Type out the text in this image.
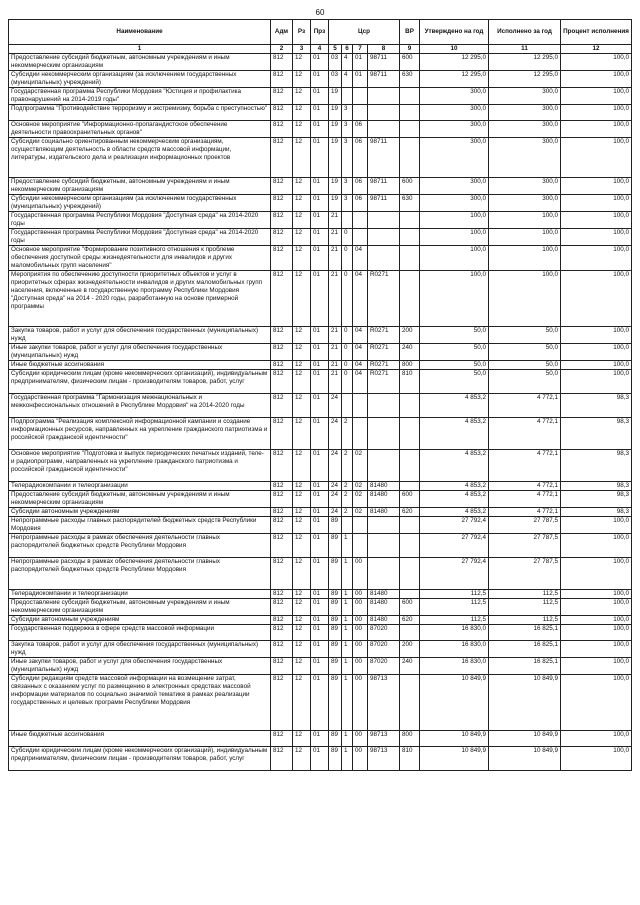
60
Наименование	Адм	Рз	Прз	Цср				ВР	Утверждено на год	Исполнено за год	Процент исполнения
1	2	3	4	5	6	7	8	9	10	11	12
Предоставление субсидий бюджетным, автономным учреждениям и иным некоммерческим организациям	812	12	01	03	4	01	98711	600	12 295,0	12 295,0	100,0
Субсидии некоммерческим организациям (за исключением государственных (муниципальных) учреждений)	812	12	01	03	4	01	98711	630	12 295,0	12 295,0	100,0
Государственная программа Республики Мордовия "Юстиция и профилактика правонарушений на 2014-2019 годы"	812	12	01	19					300,0	300,0	100,0
Подпрограмма "Противодействие терроризму и экстремизму, борьба с преступностью"	812	12	01	19	3				300,0	300,0	100,0
Основное мероприятие "Информационно-пропагандистское обеспечение деятельности правоохранительных органов"	812	12	01	19	3	06			300,0	300,0	100,0
Субсидии социально ориентированным некоммерческим организациям, осуществляющим деятельность в области средств массовой информации, литературы, издательского дела и реализации информационных проектов	812	12	01	19	3	06	98711		300,0	300,0	100,0
Предоставление субсидий бюджетным, автономным учреждениям и иным некоммерческим организациям	812	12	01	19	3	06	98711	600	300,0	300,0	100,0
Субсидии некоммерческим организациям (за исключением государственных (муниципальных) учреждений)	812	12	01	19	3	06	98711	630	300,0	300,0	100,0
Государственная программа Республики Мордовия "Доступная среда" на 2014-2020 годы	812	12	01	21					100,0	100,0	100,0
Государственная программа Республики Мордовия "Доступная среда" на 2014-2020 годы	812	12	01	21	0				100,0	100,0	100,0
Основное мероприятие "Формирование позитивного отношения к проблеме обеспечения доступной среды жизнедеятельности для инвалидов и других маломобильных групп населения"	812	12	01	21	0	04			100,0	100,0	100,0
Мероприятия по обеспечению доступности приоритетных объектов и услуг в приоритетных сферах жизнедеятельности инвалидов и других маломобильных групп населения, включенные в государственную программу Республики Мордовия "Доступная среда" на 2014 - 2020 годы, разработанную на основе примерной программы	812	12	01	21	0	04	R0271		100,0	100,0	100,0
Закупка товаров, работ и услуг для обеспечения государственных (муниципальных) нужд	812	12	01	21	0	04	R0271	200	50,0	50,0	100,0
Иные закупки товаров, работ и услуг для обеспечения государственных (муниципальных) нужд	812	12	01	21	0	04	R0271	240	50,0	50,0	100,0
Иные бюджетные ассигнования	812	12	01	21	0	04	R0271	800	50,0	50,0	100,0
Субсидии юридическим лицам (кроме некоммерческих организаций), индивидуальным предпринимателям, физическим лицам - производителям товаров, работ, услуг	812	12	01	21	0	04	R0271	810	50,0	50,0	100,0
Государственная программа "Гармонизация межнациональных и межконфессиональных отношений в Республике Мордовия" на 2014-2020 годы	812	12	01	24					4 853,2	4 772,1	98,3
Подпрограмма "Реализация комплексной информационной кампании и создание информационных ресурсов, направленных на укрепление гражданского патриотизма и российской гражданской идентичности"	812	12	01	24	2				4 853,2	4 772,1	98,3
Основное мероприятие "Подготовка и выпуск периодических печатных изданий, теле- и радиопрограмм, направленных на укрепление гражданского патриотизма и российской гражданской идентичности"	812	12	01	24	2	02			4 853,2	4 772,1	98,3
Телерадиокомпании и телеорганизации	812	12	01	24	2	02	81480		4 853,2	4 772,1	98,3
Предоставление субсидий бюджетным, автономным учреждениям и иным некоммерческим организациям	812	12	01	24	2	02	81480	600	4 853,2	4 772,1	98,3
Субсидии автономным учреждениям	812	12	01	24	2	02	81480	620	4 853,2	4 772,1	98,3
Непрограммные расходы главных распорядителей бюджетных средств Республики Мордовия	812	12	01	89					27 792,4	27 787,5	100,0
Непрограммные расходы в рамках обеспечения деятельности главных распорядителей бюджетных средств Республики Мордовия	812	12	01	89	1				27 792,4	27 787,5	100,0
Непрограммные расходы в рамках обеспечения деятельности главных распорядителей бюджетных средств Республики Мордовия	812	12	01	89	1	00			27 792,4	27 787,5	100,0
Телерадиокомпании и телеорганизации	812	12	01	89	1	00	81480		112,5	112,5	100,0
Предоставление субсидий бюджетным, автономным учреждениям и иным некоммерческим организациям	812	12	01	89	1	00	81480	600	112,5	112,5	100,0
Субсидии автономным учреждениям	812	12	01	89	1	00	81480	620	112,5	112,5	100,0
Государственная поддержка в сфере средств массовой информации	812	12	01	89	1	00	87020		16 830,0	16 825,1	100,0
Закупка товаров, работ и услуг для обеспечения государственных (муниципальных) нужд	812	12	01	89	1	00	87020	200	16 830,0	16 825,1	100,0
Иные закупки товаров, работ и услуг для обеспечения государственных (муниципальных) нужд	812	12	01	89	1	00	87020	240	16 830,0	16 825,1	100,0
Субсидии редакциям средств массовой информации на возмещение затрат, связанных с оказанием услуг по размещению в электронных средствах массовой информации материалов по социально значимой тематике в рамках реализации государственных и целевых программ Республики Мордовия	812	12	01	89	1	00	98713		10 849,9	10 849,9	100,0
Иные бюджетные ассигнования	812	12	01	89	1	00	98713	800	10 849,9	10 849,9	100,0
Субсидии юридическим лицам (кроме некоммерческих организаций), индивидуальным предпринимателям, физическим лицам - производителям товаров, работ, услуг	812	12	01	89	1	00	98713	810	10 849,9	10 849,9	100,0
